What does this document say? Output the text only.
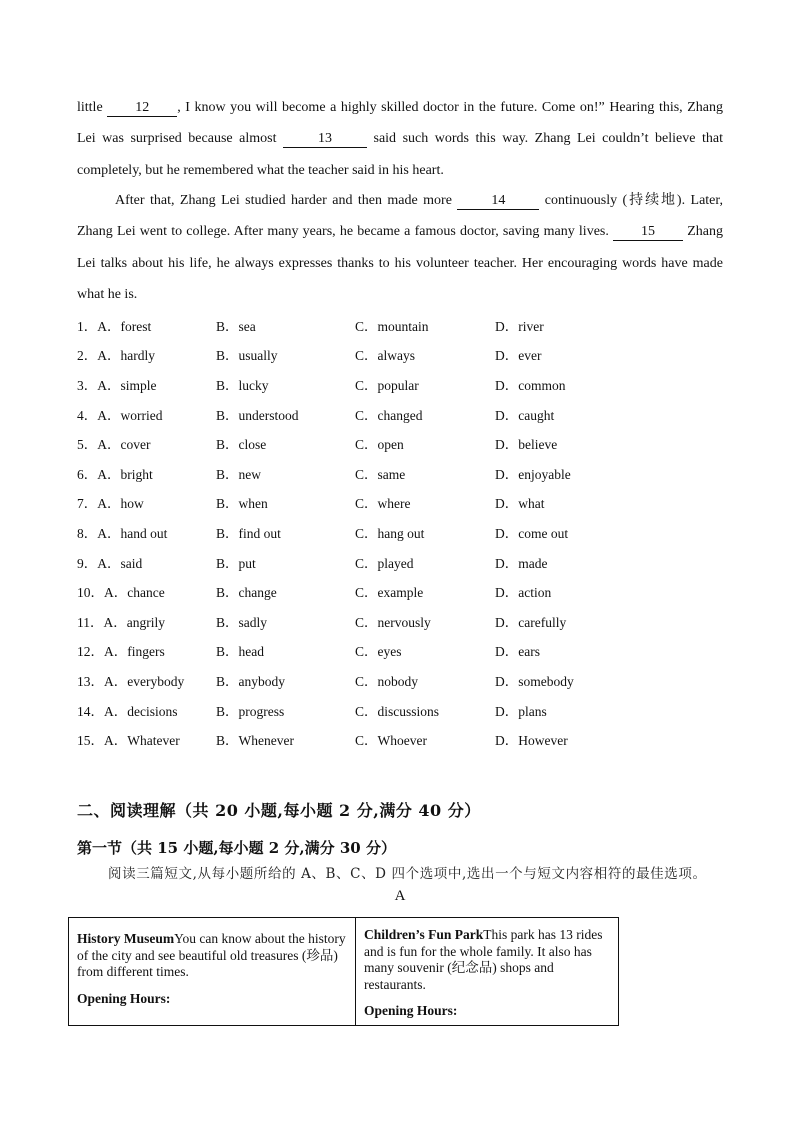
little 12 , I know you will become a highly skilled doctor in the future. Come on!” Hearing this, Zhang Lei was surprised because almost	13	said such words this way. Zhang Lei couldn’t believe that completely, but he remembered what the teacher said in his heart.
After that, Zhang Lei studied harder and then made more 14 continuously (持续地). Later, Zhang Lei went to college. After many years, he became a famous doctor, saving many lives. 15 Zhang Lei talks about his life, he always expresses thanks to his volunteer teacher. Her encouraging words have made what he is.
1．A．forest	B．sea	C．mountain	D．river
2．A．hardly	B．usually	C．always	D．ever
3．A．simple	B．lucky	C．popular	D．common
4．A．worried	B．understood	C．changed	D．caught
5．A．cover	B．close	C．open	D．believe
6．A．bright	B．new	C．same	D．enjoyable
7．A．how	B．when	C．where	D．what
8．A．hand out	B．find out	C．hang out	D．come out
9．A．said	B．put	C．played	D．made
10．A．chance	B．change	C．example	D．action
11．A．angrily	B．sadly	C．nervously	D．carefully
12．A．fingers	B．head	C．eyes	D．ears
13．A．everybody B．anybody	C．nobody	D．somebody
14．A．decisions	B．progress	C．discussions	D．plans
15．A．Whatever	B．Whenever	C．Whoever	D．However
二、阅读理解（共 20 小题,每小题 2 分,满分 40 分）
第一节（共 15 小题,每小题 2 分,满分 30 分）
阅读三篇短文,从每小题所给的 A、B、C、D 四个选项中,选出一个与短文内容相符的最佳选项。
A
History MuseumYou can know about the history of the city and see beautiful old treasures (珍品) from different times.
Opening Hours:
Children’s Fun ParkThis park has 13 rides and is fun for the whole family. It also has many souvenir (纪念品) shops and restaurants.
Opening Hours:
